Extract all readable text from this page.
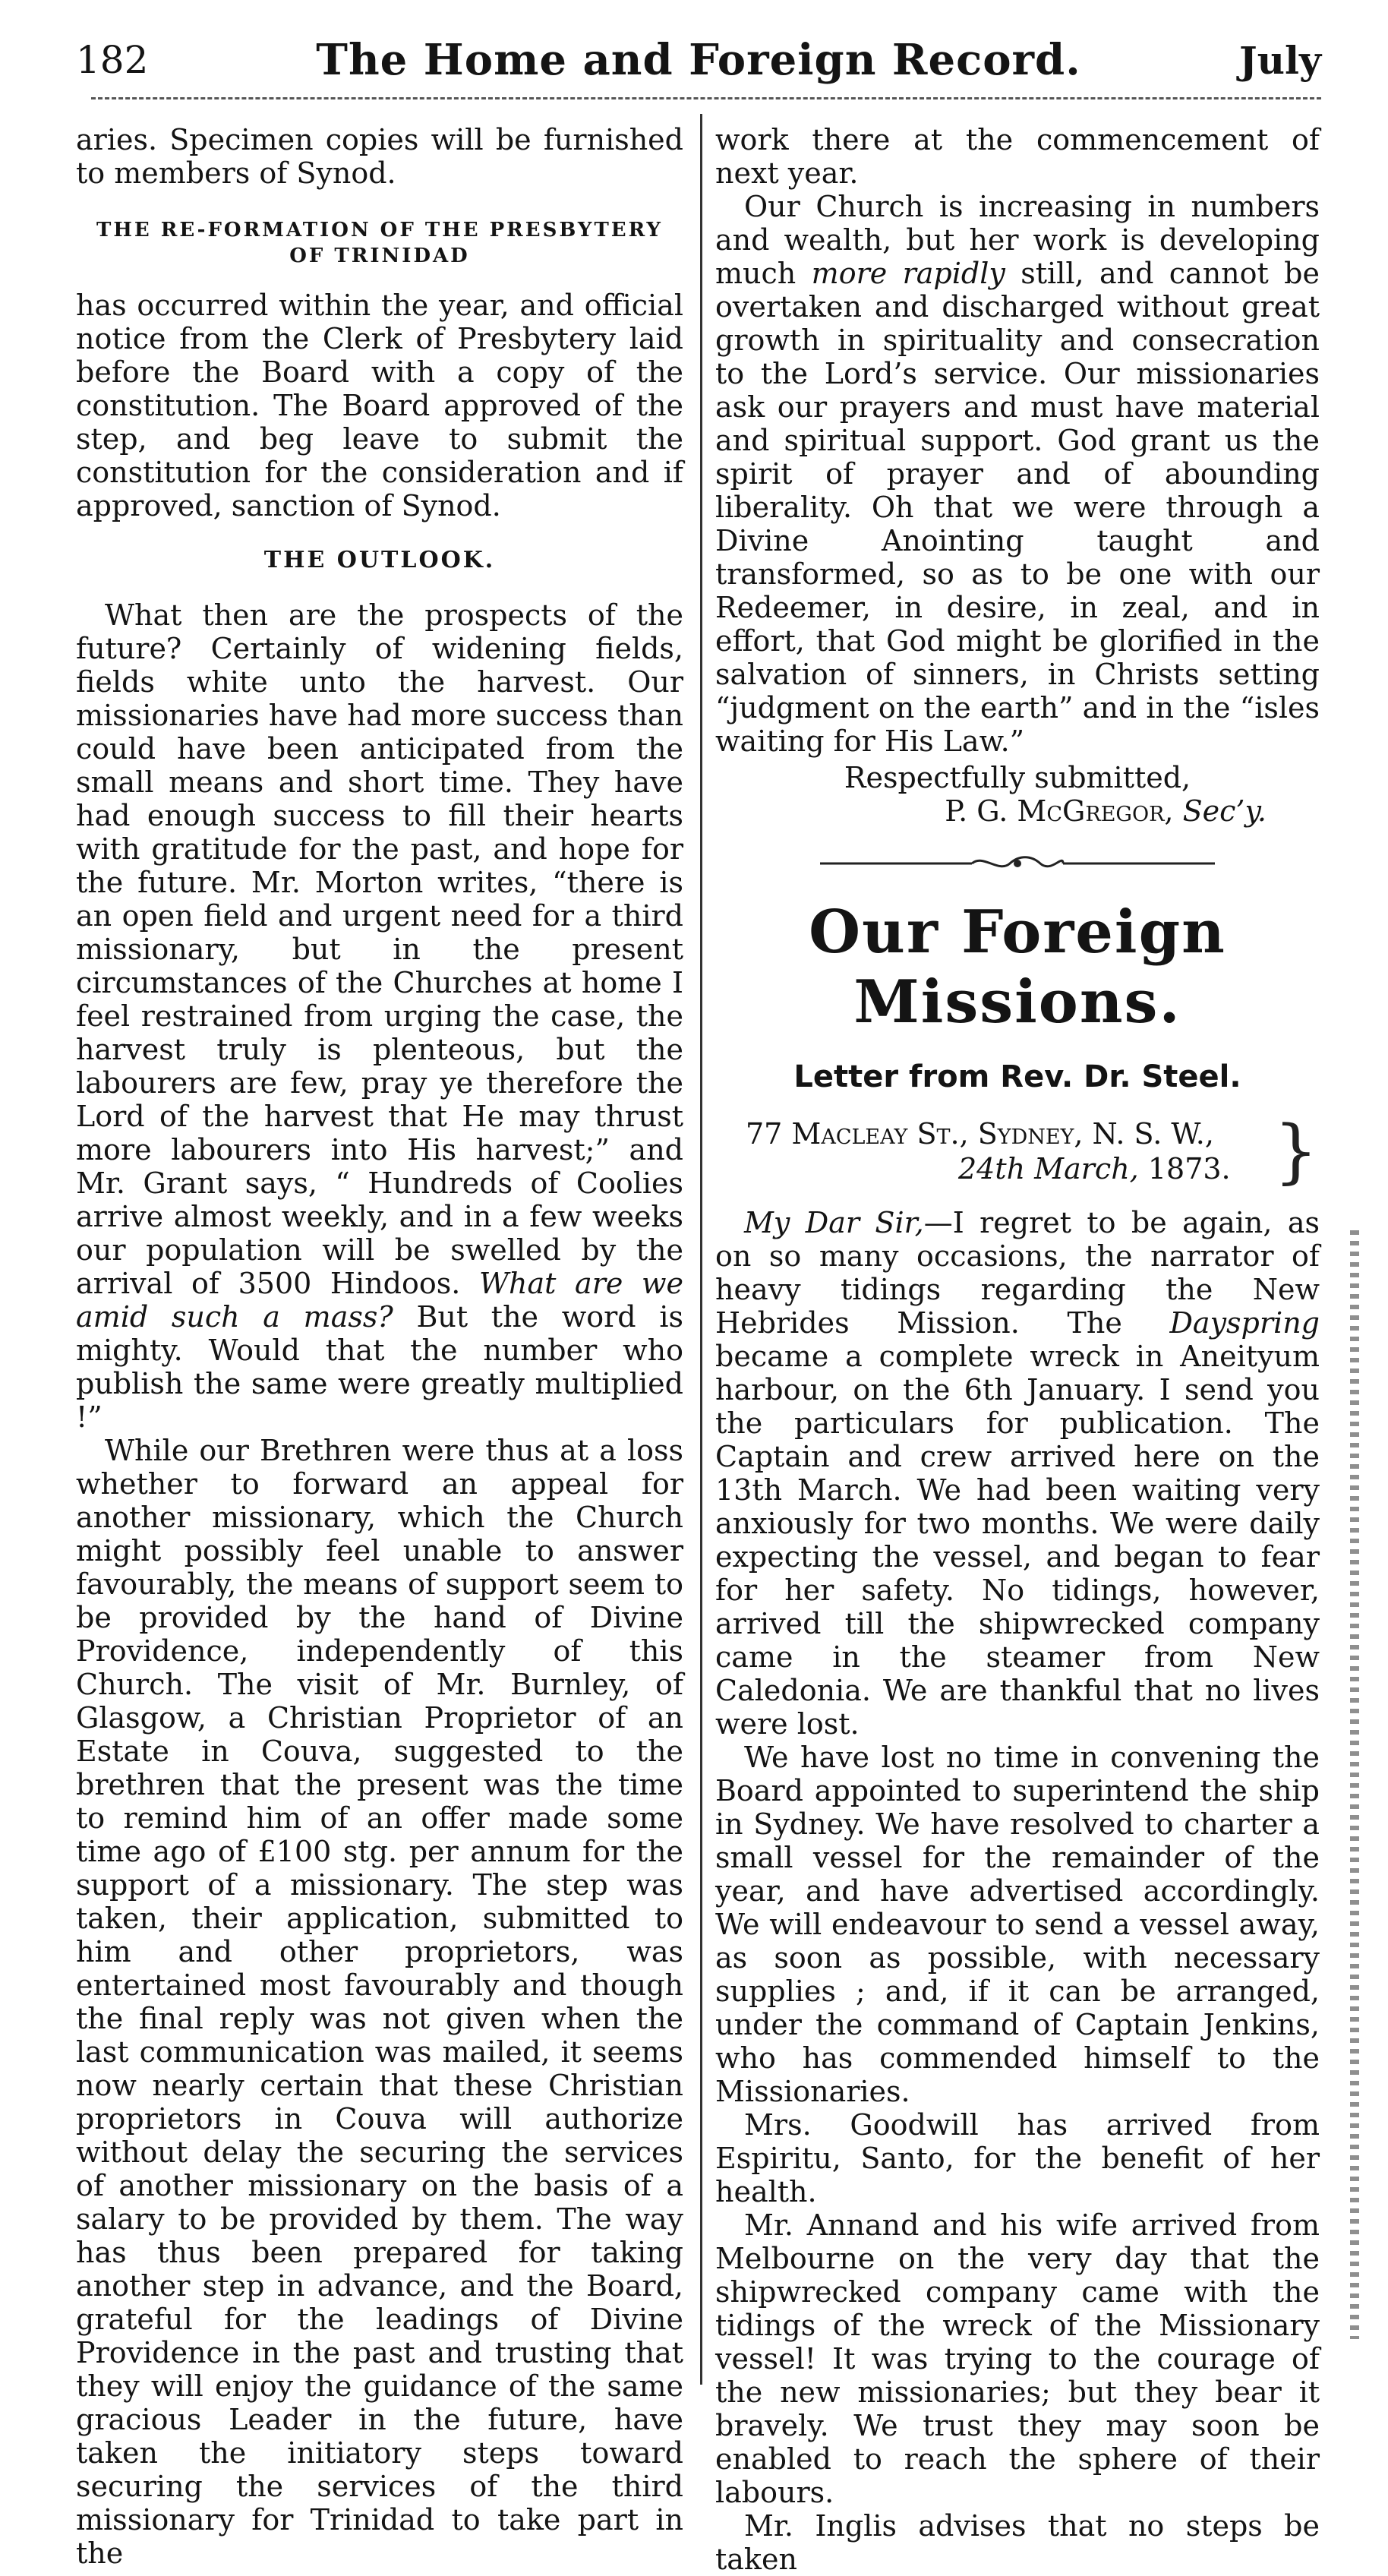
182	The Home and Foreign Record.	July

aries. Specimen copies will be furnished to members of Synod.

THE RE-FORMATION OF THE PRESBYTERY OF TRINIDAD

has occurred within the year, and official notice from the Clerk of Presbytery laid before the Board with a copy of the constitution. The Board approved of the step, and beg leave to submit the constitution for the consideration and if approved, sanction of Synod.

THE OUTLOOK.

What then are the prospects of the future? Certainly of widening fields, fields white unto the harvest. Our missionaries have had more success than could have been anticipated from the small means and short time. They have had enough success to fill their hearts with gratitude for the past, and hope for the future. Mr. Morton writes, “there is an open field and urgent need for a third missionary, but in the present circumstances of the Churches at home I feel restrained from urging the case, the harvest truly is plenteous, but the labourers are few, pray ye therefore the Lord of the harvest that He may thrust more labourers into His harvest;” and Mr. Grant says, “ Hundreds of Coolies arrive almost weekly, and in a few weeks our population will be swelled by the arrival of 3500 Hindoos. What are we amid such a mass? But the word is mighty. Would that the number who publish the same were greatly multiplied !”

While our Brethren were thus at a loss whether to forward an appeal for another missionary, which the Church might possibly feel unable to answer favourably, the means of support seem to be provided by the hand of Divine Providence, independently of this Church. The visit of Mr. Burnley, of Glasgow, a Christian Proprietor of an Estate in Couva, suggested to the brethren that the present was the time to remind him of an offer made some time ago of £100 stg. per annum for the support of a missionary. The step was taken, their application, submitted to him and other proprietors, was entertained most favourably and though the final reply was not given when the last communication was mailed, it seems now nearly certain that these Christian proprietors in Couva will authorize without delay the securing the services of another missionary on the basis of a salary to be provided by them. The way has thus been prepared for taking another step in advance, and the Board, grateful for the leadings of Divine Providence in the past and trusting that they will enjoy the guidance of the same gracious Leader in the future, have taken the initiatory steps toward securing the services of the third missionary for Trinidad to take part in the

work there at the commencement of next year.

Our Church is increasing in numbers and wealth, but her work is developing much more rapidly still, and cannot be overtaken and discharged without great growth in spirituality and consecration to the Lord’s service. Our missionaries ask our prayers and must have material and spiritual support. God grant us the spirit of prayer and of abounding liberality. Oh that we were through a Divine Anointing taught and transformed, so as to be one with our Redeemer, in desire, in zeal, and in effort, that God might be glorified in the salvation of sinners, in Christs setting “judgment on the earth” and in the “isles waiting for His Law.”

Respectfully submitted,

P. G. McGregor, Sec’y.

Our Foreign Missions.

Letter from Rev. Dr. Steel.

77 Macleay St., Sydney, N. S. W.,
24th March, 1873. }

My Dar Sir,—I regret to be again, as on so many occasions, the narrator of heavy tidings regarding the New Hebrides Mission. The Dayspring became a complete wreck in Aneityum harbour, on the 6th January. I send you the particulars for publication. The Captain and crew arrived here on the 13th March. We had been waiting very anxiously for two months. We were daily expecting the vessel, and began to fear for her safety. No tidings, however, arrived till the shipwrecked company came in the steamer from New Caledonia. We are thankful that no lives were lost.

We have lost no time in convening the Board appointed to superintend the ship in Sydney. We have resolved to charter a small vessel for the remainder of the year, and have advertised accordingly. We will endeavour to send a vessel away, as soon as possible, with necessary supplies ; and, if it can be arranged, under the command of Captain Jenkins, who has commended himself to the Missionaries.

Mrs. Goodwill has arrived from Espiritu, Santo, for the benefit of her health.

Mr. Annand and his wife arrived from Melbourne on the very day that the shipwrecked company came with the tidings of the wreck of the Missionary vessel! It was trying to the courage of the new missionaries; but they bear it bravely. We trust they may soon be enabled to reach the sphere of their labours.

Mr. Inglis advises that no steps be taken
